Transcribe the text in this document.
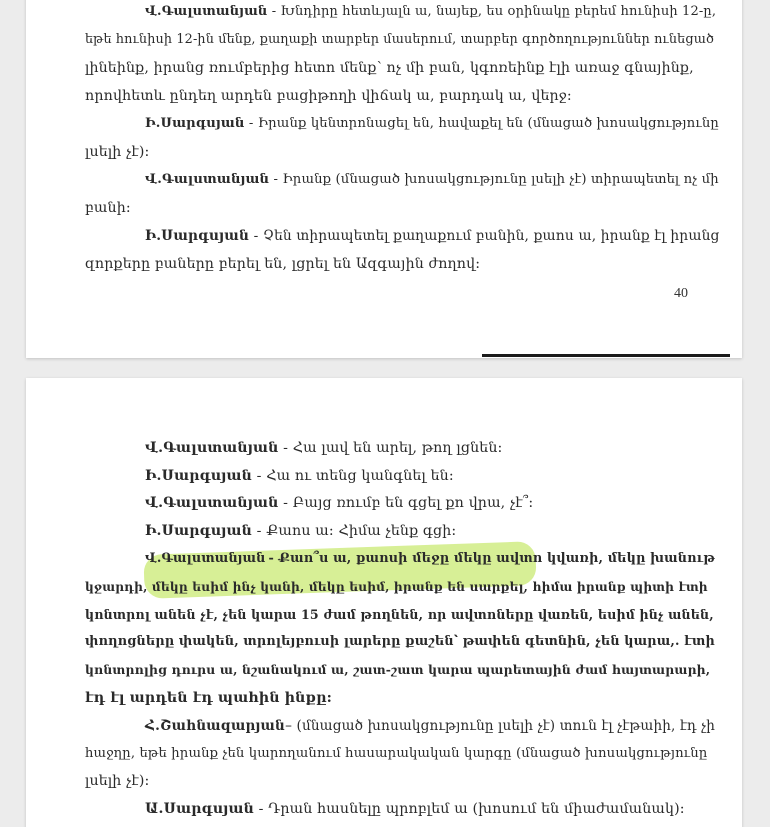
Վ.Գալստանյան - Խնդիրը հետևյալն ա, նայեք, ես օրինակը բերեմ հունիսի 12-ը,
եթե հունիսի 12-ին մենք, քաղաքի տարբեր մասերում, տարբեր գործողություններ ունեցած
լինեինք, իրանց ռումբերից հետո մենք՝ ոչ մի բան, կգոռեինք էլի առաջ գնայինք,
որովհետև ընդեղ արդեն բացիթողի վիճակ ա, բարդակ ա, վերջ:
Ի.Սարգսյան - Իրանք կենտրոնացել են, հավաքել են (մնացած խոսակցությունը
լսելի չէ):
Վ.Գալստանյան - Իրանք (մնացած խոսակցությունը լսելի չէ) տիրապետել ոչ մի
բանի:
Ի.Սարգսյան - Չեն տիրապետել քաղաքում բանին, քաոս ա, իրանք էլ իրանց
զորքերը բաները բերել են, լցրել են Ազգային ժողով:
40
Վ.Գալստանյան - Հա լավ են արել, թող լցնեն:
Ի.Սարգսյան - Հա ու տենց կանգնել են:
Վ.Գալստանյան - Բայց ռումբ են գցել քո վրա, չէ՞:
Ի.Սարգսյան - Քաոս ա: Հիմա չենք գցի:
Վ.Գալստանյան - Քաո՞ս ա, քաոսի մեջը մեկը ավտո կվառի, մեկը խանութ
կջարդի, մեկը եսիմ ինչ կանի, մեկը եսիմ, իրանք են սարքել, հիմա իրանք պիտի էտի
կոնտրոլ անեն չէ, չեն կարա 15 ժամ թողնեն, որ ավտոները վառեն, եսիմ ինչ անեն,
փողոցները փակեն, տրոլեյբուսի լարերը քաշեն՝ թափեն գետնին, չեն կարա,. էտի
կոնտրոլից դուրս ա, նշանակում ա, շատ-շատ կարա պարետային ժամ հայտարարի,
էդ էլ արդեն էդ պահին ինքը:
Հ.Շահնազարյան – (մնացած խոսակցությունը լսելի չէ) տուն էլ չէթաիի, էդ չի
հաջղը, եթե իրանք չեն կարողանում հասարակական կարգը (մնացած խոսակցությունը
լսելի չէ):
Ա.Սարգսյան - Դրան հասնելը պրոբլեմ ա (խոսում են միաժամանակ):
